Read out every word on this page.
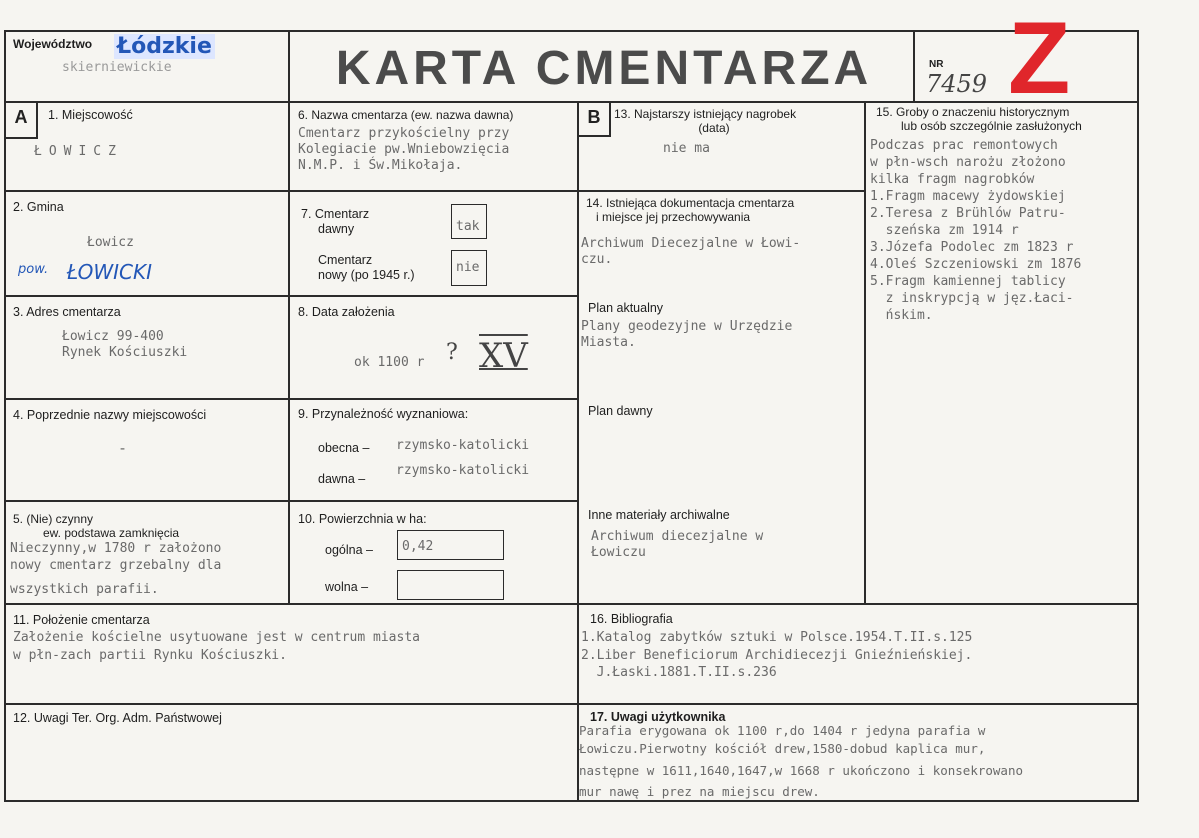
Województwo Łódzkie
skierniewickie	KARTA CMENTARZA	NR
7459 Z
A	B
1. Miejscowość
ŁOWICZ
2. Gmina
Łowicz
pow. ŁOWICKI
3. Adres cmentarza
Łowicz 99-400
Rynek Kościuszki
4. Poprzednie nazwy miejscowości
-
5. (Nie) czynny
ew. podstawa zamknięcia
Nieczynny,w 1780 r założono
nowy cmentarz grzebalny dla
wszystkich parafii.
6. Nazwa cmentarza (ew. nazwa dawna)
Cmentarz przykościelny przy
Kolegiacie pw.Wniebowzięcia
N.M.P. i Św.Mikołaja.
7. Cmentarz
dawny	tak
Cmentarz
nowy (po 1945 r.)	nie
8. Data założenia
ok 1100 r ? XV
9. Przynależność wyznaniowa:
obecna – rzymsko-katolicki
dawna –
rzymsko-katolicki
10. Powierzchnia w ha:
ogólna – 0,42
wolna –
11. Położenie cmentarza
Założenie kościelne usytuowane jest w centrum miasta
w płn-zach partii Rynku Kościuszki.
12. Uwagi Ter. Org. Adm. Państwowej
13. Najstarszy istniejący nagrobek
(data)
nie ma
14. Istniejąca dokumentacja cmentarza
i miejsce jej przechowywania
Archiwum Diecezjalne w Łowi-
czu.
Plan aktualny
Plany geodezyjne w Urzędzie
Miasta.
Plan dawny
Inne materiały archiwalne
Archiwum diecezjalne w
Łowiczu
15. Groby o znaczeniu historycznym
lub osób szczególnie zasłużonych
Podczas prac remontowych
w płn-wsch narożu złożono
kilka fragm nagrobków
1.Fragm macewy żydowskiej
2.Teresa z Brühlów Patru-
szeńska zm 1914 r
3.Józefa Podolec zm 1823 r
4.Oleś Szczeniowski zm 1876
5.Fragm kamiennej tablicy
z inskrypcją w jęz.Łaci-
ńskim.
16. Bibliografia
1.Katalog zabytków sztuki w Polsce.1954.T.II.s.125
2.Liber Beneficiorum Archidiecezji Gnieźnieńskiej.
J.Łaski.1881.T.II.s.236
17. Uwagi użytkownika
Parafia erygowana ok 1100 r,do 1404 r jedyna parafia w
Łowiczu.Pierwotny kościół drew,1580-dobud kaplica mur,
następne w 1611,1640,1647,w 1668 r ukończono i konsekrowano
mur nawę i prez na miejscu drew.
